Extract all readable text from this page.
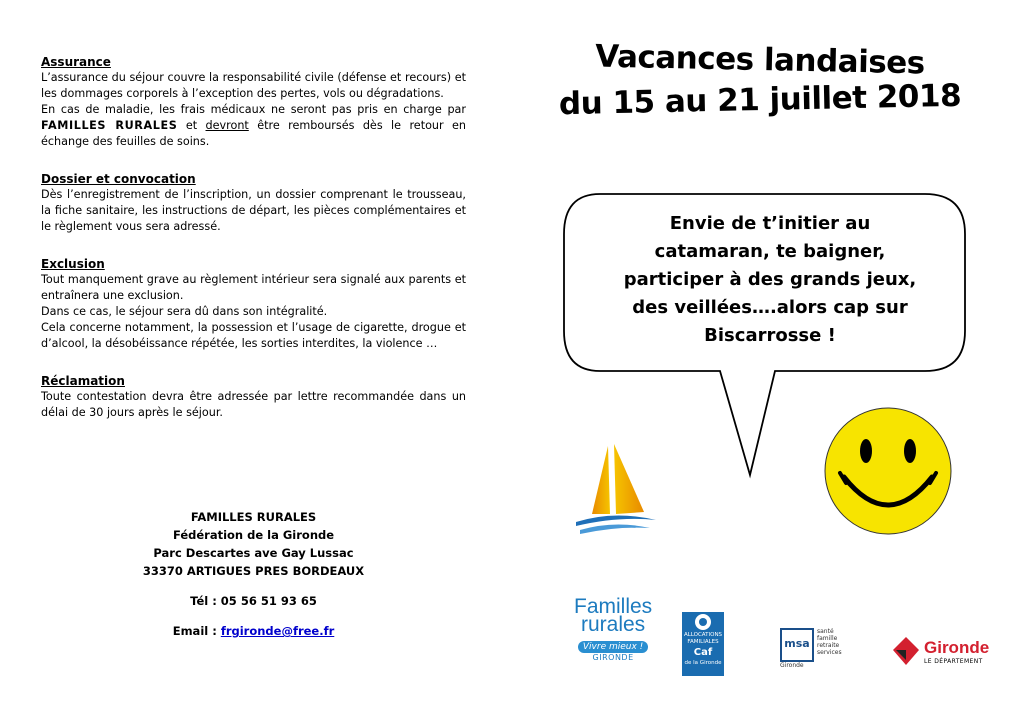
Assurance

L’assurance du séjour couvre la responsabilité civile (défense et recours) et les dommages corporels à l’exception des pertes, vols ou dégradations.

En cas de maladie, les frais médicaux ne seront pas pris en charge par FAMILLES RURALES et devront être remboursés dès le retour en échange des feuilles de soins.

Dossier et convocation

Dès l’enregistrement de l’inscription, un dossier comprenant le trousseau, la fiche sanitaire, les instructions de départ, les pièces complémentaires et le règlement vous sera adressé.

Exclusion

Tout manquement grave au règlement intérieur sera signalé aux parents et entraînera une exclusion.

Dans ce cas, le séjour sera dû dans son intégralité.

Cela concerne notamment, la possession et l’usage de cigarette, drogue et d’alcool, la désobéissance répétée, les sorties interdites, la violence …

Réclamation

Toute contestation devra être adressée par lettre recommandée dans un délai de 30 jours après le séjour.

FAMILLES RURALES
Fédération de la Gironde
Parc Descartes ave Gay Lussac
33370 ARTIGUES PRES BORDEAUX
Tél : 05 56 51 93 65
Email : frgironde@free.fr
Vacances landaises
du 15 au 21 juillet 2018
Envie de t’initier au
catamaran, te baigner,
participer à des grands jeux,
des veillées….alors cap sur
Biscarrosse !
Familles
rurales
Vivre mieux !
GIRONDE
ALLOCATIONS FAMILIALES
Caf
de la Gironde
msa
santé famille retraite services
Gironde
Gironde
LE DÉPARTEMENT
